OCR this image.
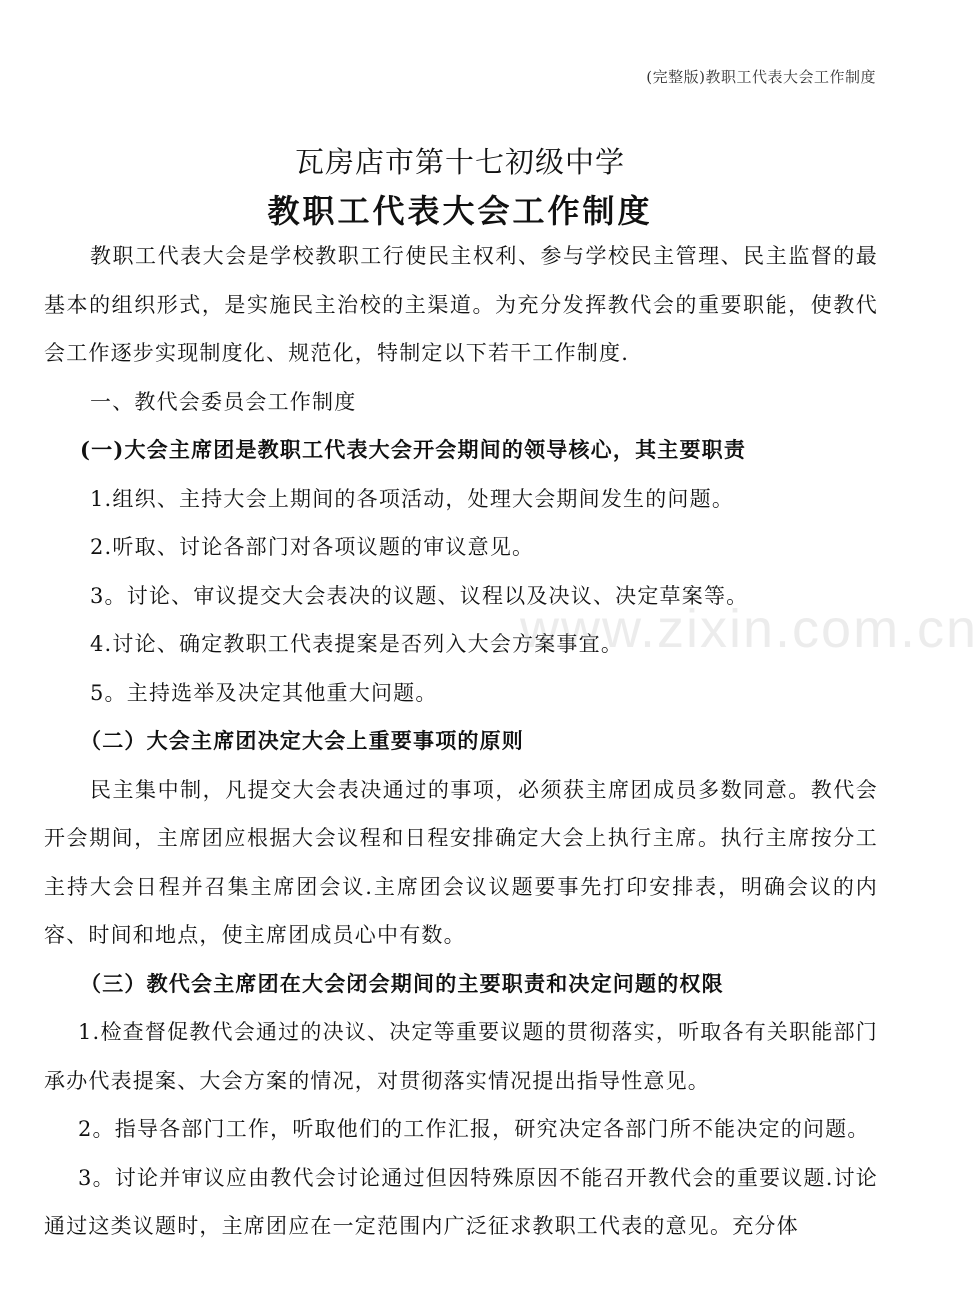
(完整版)教职工代表大会工作制度
瓦房店市第十七初级中学
教职工代表大会工作制度

教职工代表大会是学校教职工行使民主权利、参与学校民主管理、民主监督的最基本的组织形式，是实施民主治校的主渠道。为充分发挥教代会的重要职能，使教代会工作逐步实现制度化、规范化，特制定以下若干工作制度.

一、教代会委员会工作制度

(一)大会主席团是教职工代表大会开会期间的领导核心，其主要职责

1.组织、主持大会上期间的各项活动，处理大会期间发生的问题。

2.听取、讨论各部门对各项议题的审议意见。

3。讨论、审议提交大会表决的议题、议程以及决议、决定草案等。

4.讨论、确定教职工代表提案是否列入大会方案事宜。

5。主持选举及决定其他重大问题。

（二）大会主席团决定大会上重要事项的原则

民主集中制，凡提交大会表决通过的事项，必须获主席团成员多数同意。教代会开会期间，主席团应根据大会议程和日程安排确定大会上执行主席。执行主席按分工主持大会日程并召集主席团会议.主席团会议议题要事先打印安排表，明确会议的内容、时间和地点，使主席团成员心中有数。

（三）教代会主席团在大会闭会期间的主要职责和决定问题的权限

1.检查督促教代会通过的决议、决定等重要议题的贯彻落实，听取各有关职能部门承办代表提案、大会方案的情况，对贯彻落实情况提出指导性意见。

2。指导各部门工作，听取他们的工作汇报，研究决定各部门所不能决定的问题。

3。讨论并审议应由教代会讨论通过但因特殊原因不能召开教代会的重要议题.讨论通过这类议题时，主席团应在一定范围内广泛征求教职工代表的意见。充分体

www.zixin.com.cn
